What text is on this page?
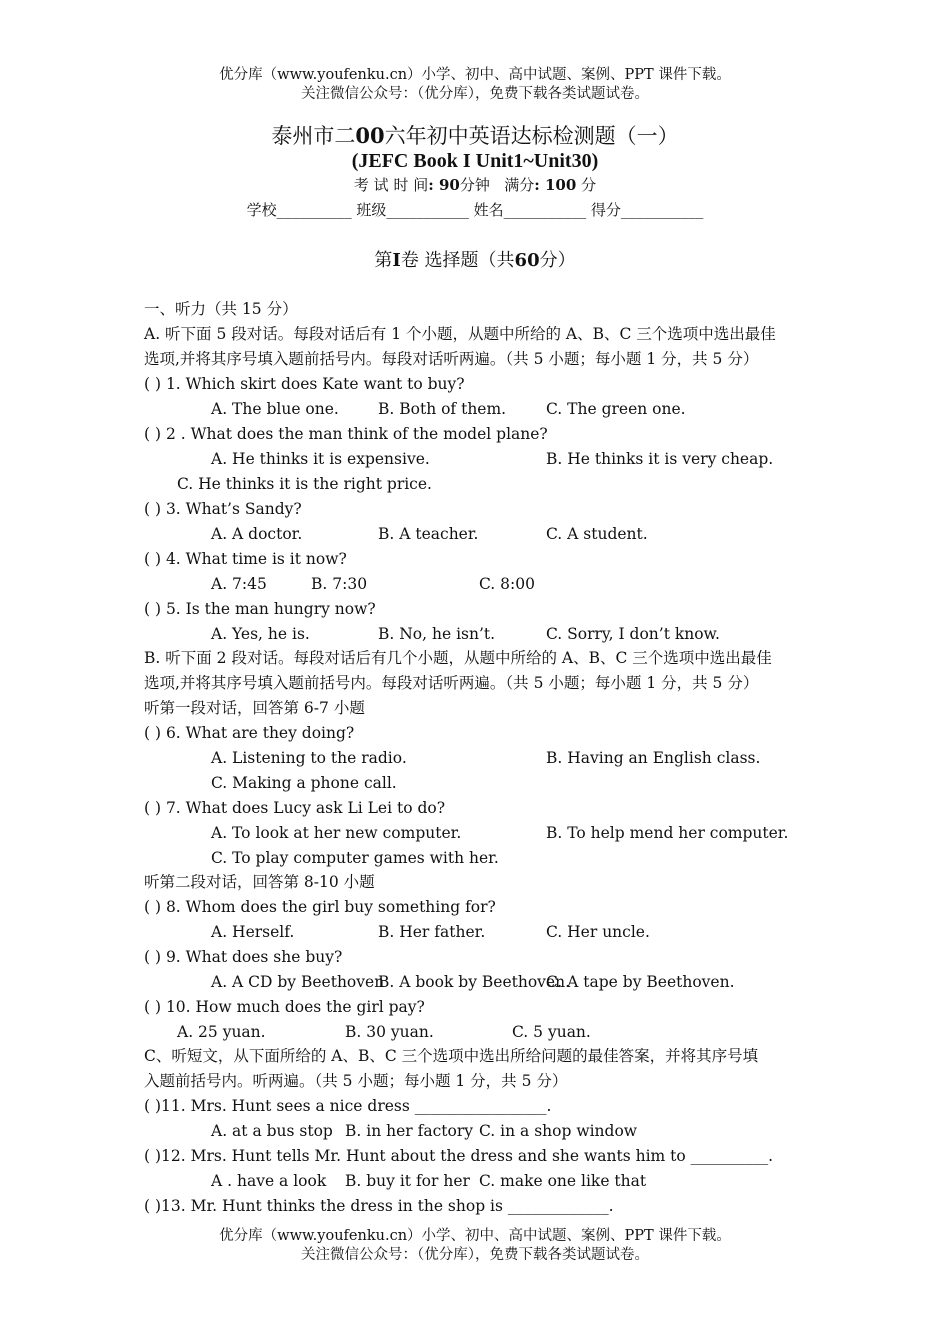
优分库（www.youfenku.cn）小学、初中、高中试题、案例、PPT 课件下载。
关注微信公众号：（优分库），免费下载各类试题试卷。
泰州市二00六年初中英语达标检测题（一）
(JEFC Book I Unit1~Unit30)
考 试 时 间: 90分钟 满分: 100 分
学校__________ 班级___________ 姓名___________ 得分___________
第I卷 选择题（共60分）
一、听力（共 15 分）
A. 听下面 5 段对话。每段对话后有 1 个小题，从题中所给的 A、B、C 三个选项中选出最佳
选项,并将其序号填入题前括号内。每段对话听两遍。（共 5 小题；每小题 1 分，共 5 分）
( ) 1. Which skirt does Kate want to buy?
A. The blue one.	B. Both of them.	C. The green one.
( ) 2 . What does the man think of the model plane?
A. He thinks it is expensive.	B. He thinks it is very cheap.
C. He thinks it is the right price.
( ) 3. What’s Sandy?
A. A doctor.	B. A teacher.	C. A student.
( ) 4. What time is it now?
A. 7:45	B. 7:30	C. 8:00
( ) 5. Is the man hungry now?
A. Yes, he is.	B. No, he isn’t.	C. Sorry, I don’t know.
B. 听下面 2 段对话。每段对话后有几个小题，从题中所给的 A、B、C 三个选项中选出最佳
选项,并将其序号填入题前括号内。每段对话听两遍。（共 5 小题；每小题 1 分，共 5 分）
听第一段对话，回答第 6-7 小题
( ) 6. What are they doing?
A. Listening to the radio.	B. Having an English class.
C. Making a phone call.
( ) 7. What does Lucy ask Li Lei to do?
A. To look at her new computer.	B. To help mend her computer.
C. To play computer games with her.
听第二段对话，回答第 8-10 小题
( ) 8. Whom does the girl buy something for?
A. Herself.	B. Her father.	C. Her uncle.
( ) 9. What does she buy?
A. A CD by Beethoven
B. A book by Beethoven.
C. A tape by Beethoven.
( ) 10. How much does the girl pay?
A. 25 yuan.	B. 30 yuan.	C. 5 yuan.
C、听短文，从下面所给的 A、B、C 三个选项中选出所给问题的最佳答案，并将其序号填
入题前括号内。听两遍。（共 5 小题；每小题 1 分，共 5 分）
( )11. Mrs. Hunt sees a nice dress _________________.
A. at a bus stop B. in her factory C. in a shop window
( )12. Mrs. Hunt tells Mr. Hunt about the dress and she wants him to __________.
A . have a look B. buy it for her C. make one like that
( )13. Mr. Hunt thinks the dress in the shop is _____________.
优分库（www.youfenku.cn）小学、初中、高中试题、案例、PPT 课件下载。
关注微信公众号：（优分库），免费下载各类试题试卷。
